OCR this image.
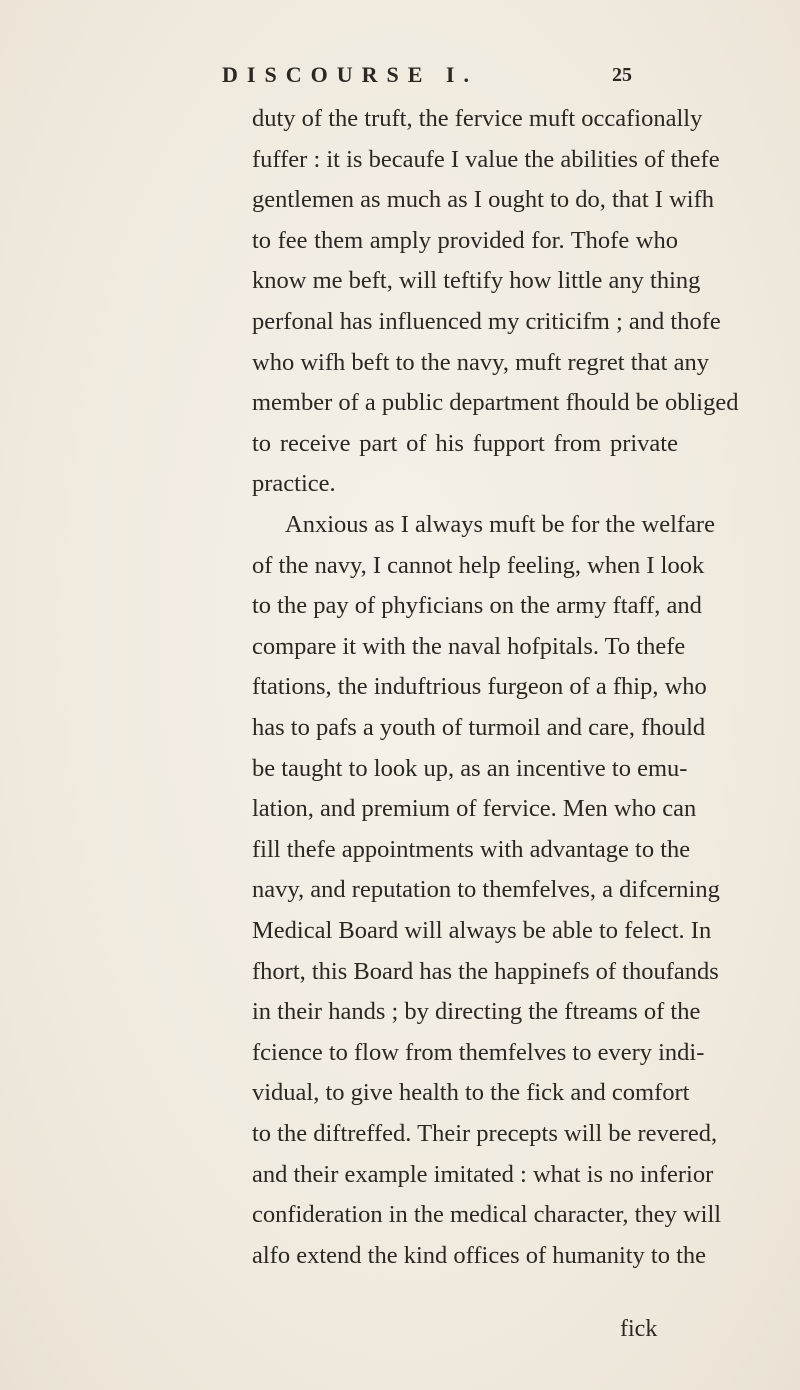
DISCOURSE I.	25
duty of the truft, the fervice muft occafionally
fuffer : it is becaufe I value the abilities of thefe
gentlemen as much as I ought to do, that I wifh
to fee them amply provided for. Thofe who
know me beft, will teftify how little any thing
perfonal has influenced my criticifm ; and thofe
who wifh beft to the navy, muft regret that any
member of a public department fhould be obliged
to receive part of his fupport from private
practice.
Anxious as I always muft be for the welfare
of the navy, I cannot help feeling, when I look
to the pay of phyficians on the army ftaff, and
compare it with the naval hofpitals. To thefe
ftations, the induftrious furgeon of a fhip, who
has to pafs a youth of turmoil and care, fhould
be taught to look up, as an incentive to emu-
lation, and premium of fervice. Men who can
fill thefe appointments with advantage to the
navy, and reputation to themfelves, a difcerning
Medical Board will always be able to felect. In
fhort, this Board has the happinefs of thoufands
in their hands ; by directing the ftreams of the
fcience to flow from themfelves to every indi-
vidual, to give health to the fick and comfort
to the diftreffed. Their precepts will be revered,
and their example imitated : what is no inferior
confideration in the medical character, they will
alfo extend the kind offices of humanity to the
fick
